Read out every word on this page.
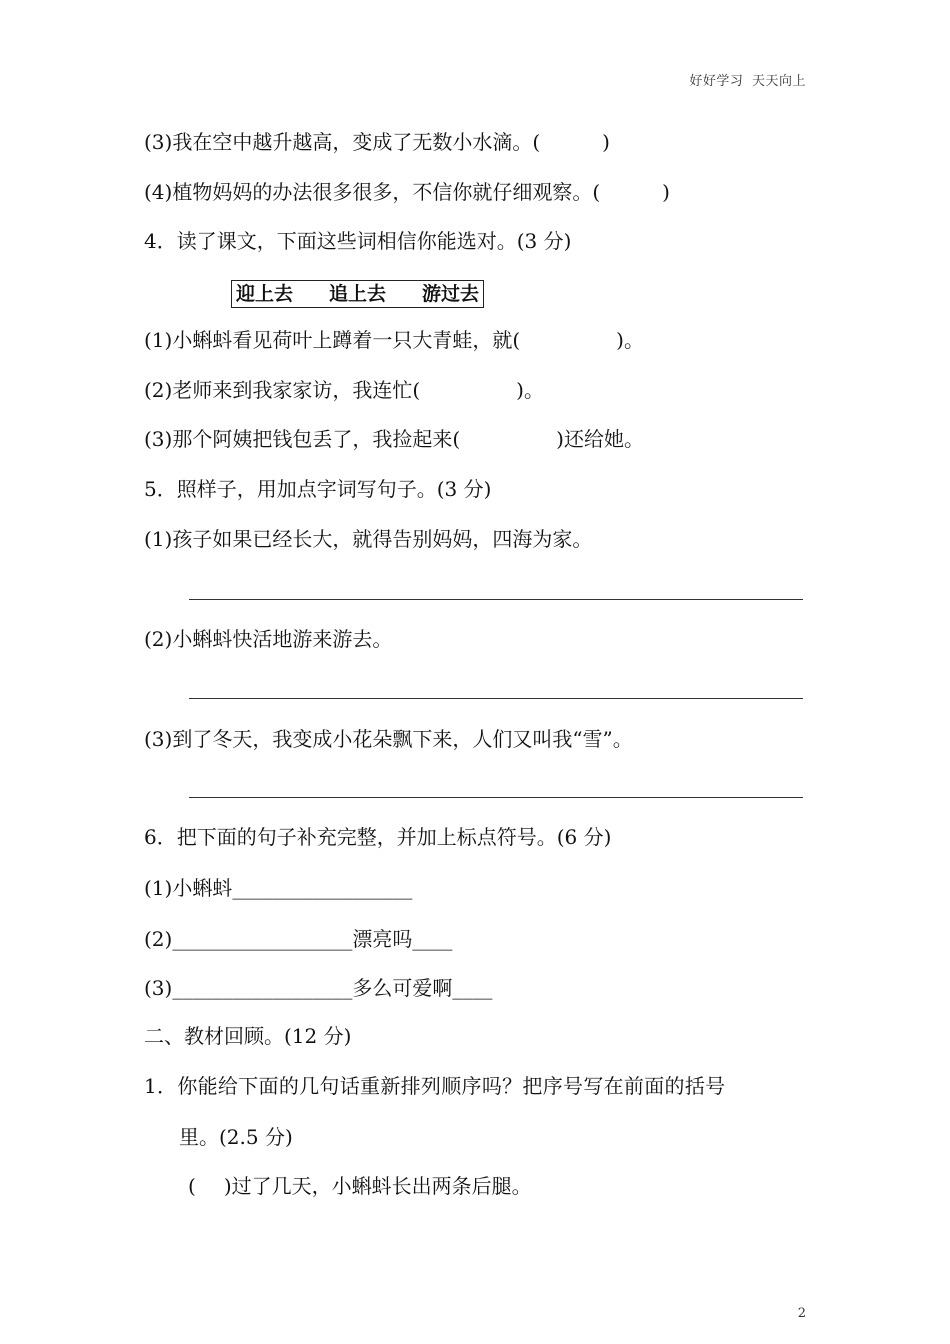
好好学习 天天向上
(3)我在空中越升越高，变成了无数小水滴。(	)
(4)植物妈妈的办法很多很多，不信你就仔细观察。(	)
4．读了课文，下面这些词相信你能选对。(3 分)
迎上去 追上去 游过去
(1)小蝌蚪看见荷叶上蹲着一只大青蛙，就(	)。
(2)老师来到我家家访，我连忙(	)。
(3)那个阿姨把钱包丢了，我捡起来(	)还给她。
5．照样子，用加点字词写句子。(3 分)
(1)孩子如果已经长大，就得告别妈妈，四海为家。
(2)小蝌蚪快活地游来游去。
(3)到了冬天，我变成小花朵飘下来，人们又叫我“雪”。
6．把下面的句子补充完整，并加上标点符号。(6 分)
(1)小蝌蚪__________________
(2)__________________漂亮吗____
(3)__________________多么可爱啊____
二、教材回顾。(12 分)
1．你能给下面的几句话重新排列顺序吗？把序号写在前面的括号
里。(2.5 分)
( )过了几天，小蝌蚪长出两条后腿。
2
